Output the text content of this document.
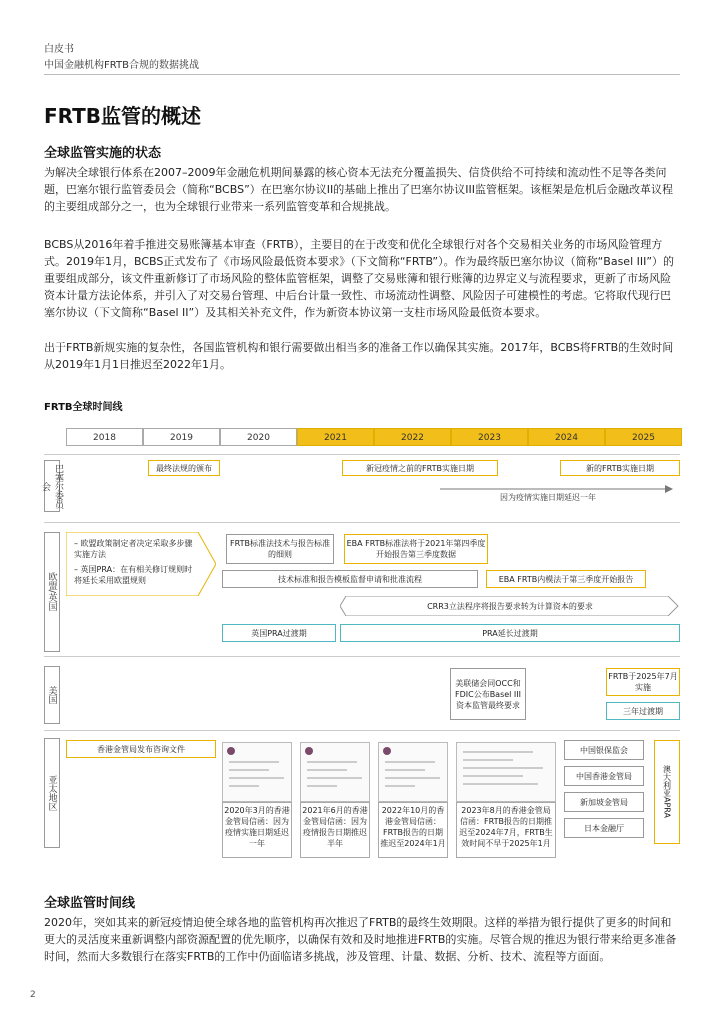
白皮书
中国金融机构FRTB合规的数据挑战
FRTB监管的概述
全球监管实施的状态
为解决全球银行体系在2007–2009年金融危机期间暴露的核心资本无法充分覆盖损失、信贷供给不可持续和流动性不足等各类问题，巴塞尔银行监管委员会（简称“BCBS”）在巴塞尔协议II的基础上推出了巴塞尔协议III监管框架。该框架是危机后金融改革议程的主要组成部分之一，也为全球银行业带来一系列监管变革和合规挑战。
BCBS从2016年着手推进交易账簿基本审查（FRTB），主要目的在于改变和优化全球银行对各个交易相关业务的市场风险管理方式。2019年1月，BCBS正式发布了《市场风险最低资本要求》（下文简称“FRTB”）。作为最终版巴塞尔协议（简称“Basel III”）的重要组成部分，该文件重新修订了市场风险的整体监管框架，调整了交易账簿和银行账簿的边界定义与流程要求，更新了市场风险资本计量方法论体系，并引入了对交易台管理、中后台计量一致性、市场流动性调整、风险因子可建模性的考虑。它将取代现行巴塞尔协议（下文简称“Basel II”）及其相关补充文件，作为新资本协议第一支柱市场风险最低资本要求。
出于FRTB新规实施的复杂性，各国监管机构和银行需要做出相当多的准备工作以确保其实施。2017年，BCBS将FRTB的生效时间从2019年1月1日推迟至2022年1月。
FRTB全球时间线
2018	2019	2020	2021	2022	2023	2024	2025
巴塞尔委员会
最终法规的颁布	新冠疫情之前的FRTB实施日期	新的FRTB实施日期
因为疫情实施日期延迟一年
欧盟/英国
– 欧盟政策制定者决定采取多步骤实施方法
– 英国PRA：在有相关修订规则时将延长采用欧盟规则
FRTB标准法技术与报告标准的细则
EBA FRTB标准法将于2021年第四季度开始报告第三季度数据
技术标准和报告模板监督申请和批准流程	EBA FRTB内模法于第三季度开始报告
CRR3立法程序将报告要求转为计算资本的要求
英国PRA过渡期	PRA延长过渡期
美国
美联储会同OCC和FDIC公布Basel III资本监管最终要求
FRTB于2025年7月实施
三年过渡期
亚太地区
香港金管局发布咨询文件
2020年3月的香港金管局信函：因为疫情实施日期延迟一年
2021年6月的香港金管局信函：因为疫情报告日期推迟半年
2022年10月的香港金管局信函：FRTB报告的日期推迟至2024年1月
2023年8月的香港金管局信函：FRTB报告的日期推迟至2024年7月，FRTB生效时间不早于2025年1月
中国银保监会
中国香港金管局
新加坡金管局
日本金融厅
澳大利亚APRA
全球监管时间线
2020年，突如其来的新冠疫情迫使全球各地的监管机构再次推迟了FRTB的最终生效期限。这样的举措为银行提供了更多的时间和更大的灵活度来重新调整内部资源配置的优先顺序，以确保有效和及时地推进FRTB的实施。尽管合规的推迟为银行带来给更多准备时间，然而大多数银行在落实FRTB的工作中仍面临诸多挑战，涉及管理、计量、数据、分析、技术、流程等方面面。
2
